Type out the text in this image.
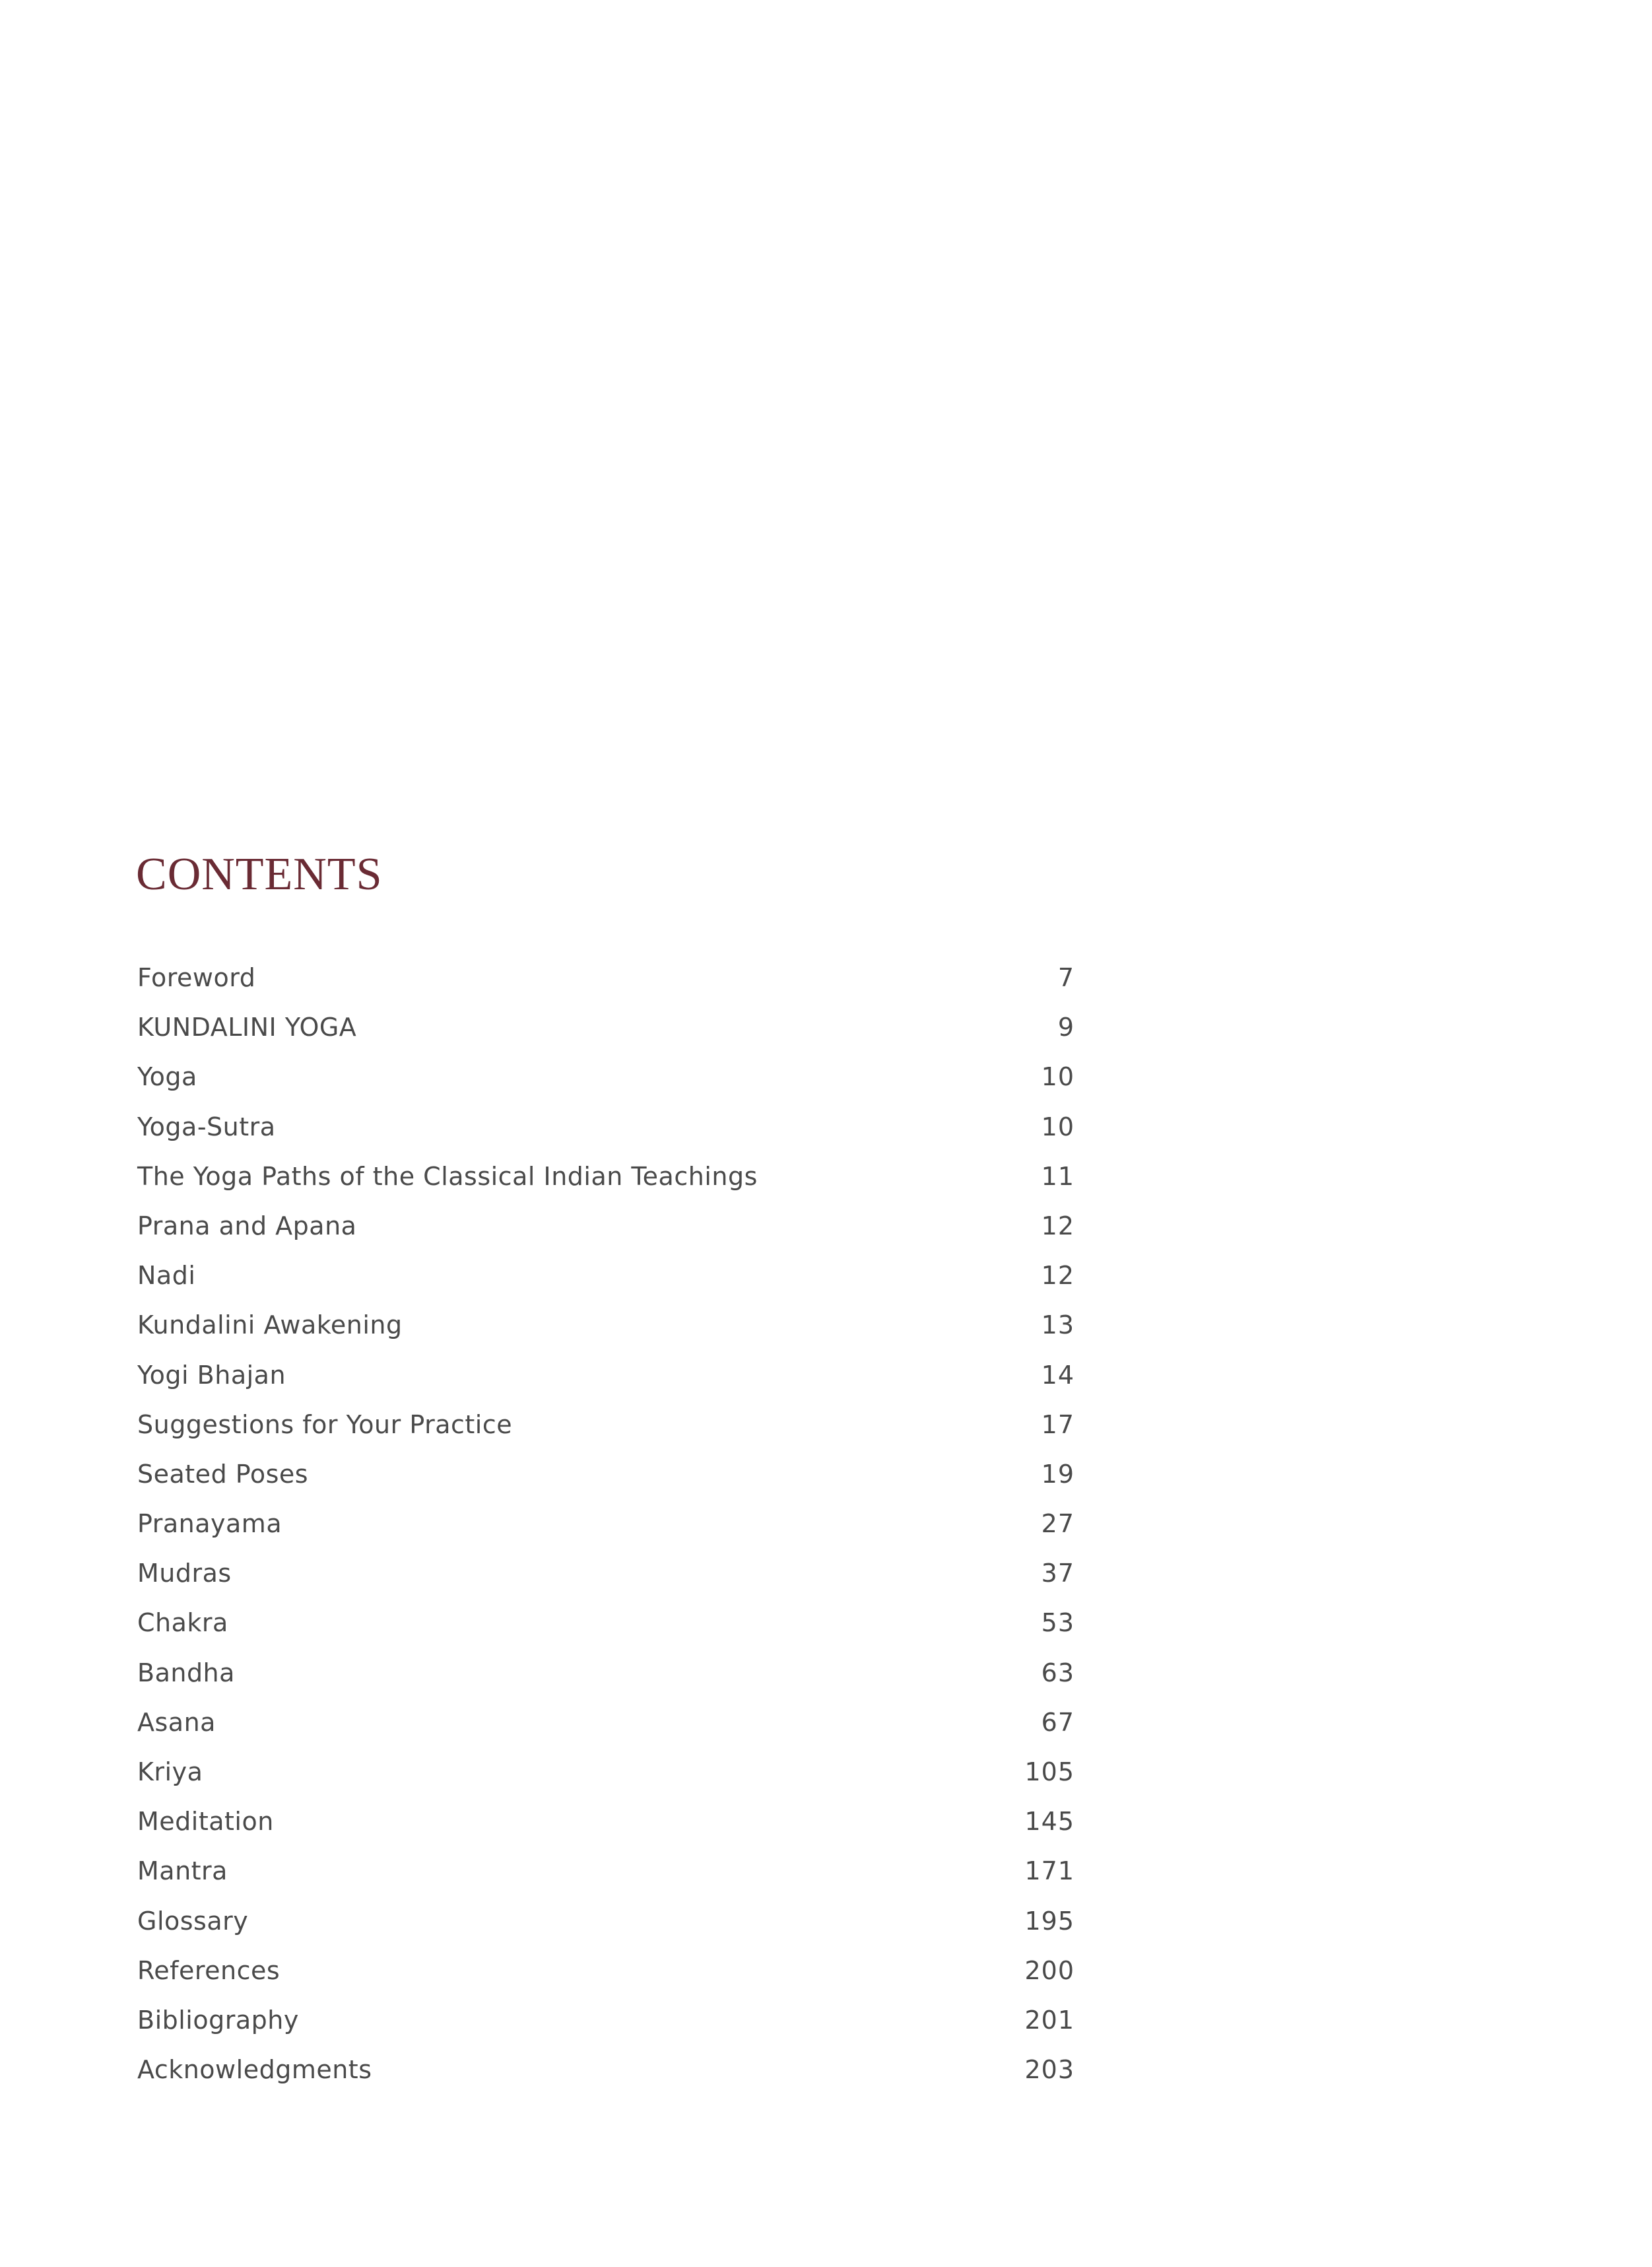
CONTENTS
Foreword	7
KUNDALINI YOGA	9
Yoga	10
Yoga-Sutra	10
The Yoga Paths of the Classical Indian Teachings	11
Prana and Apana	12
Nadi	12
Kundalini Awakening	13
Yogi Bhajan	14
Suggestions for Your Practice	17
Seated Poses	19
Pranayama	27
Mudras	37
Chakra	53
Bandha	63
Asana	67
Kriya	105
Meditation	145
Mantra	171
Glossary	195
References	200
Bibliography	201
Acknowledgments	203
